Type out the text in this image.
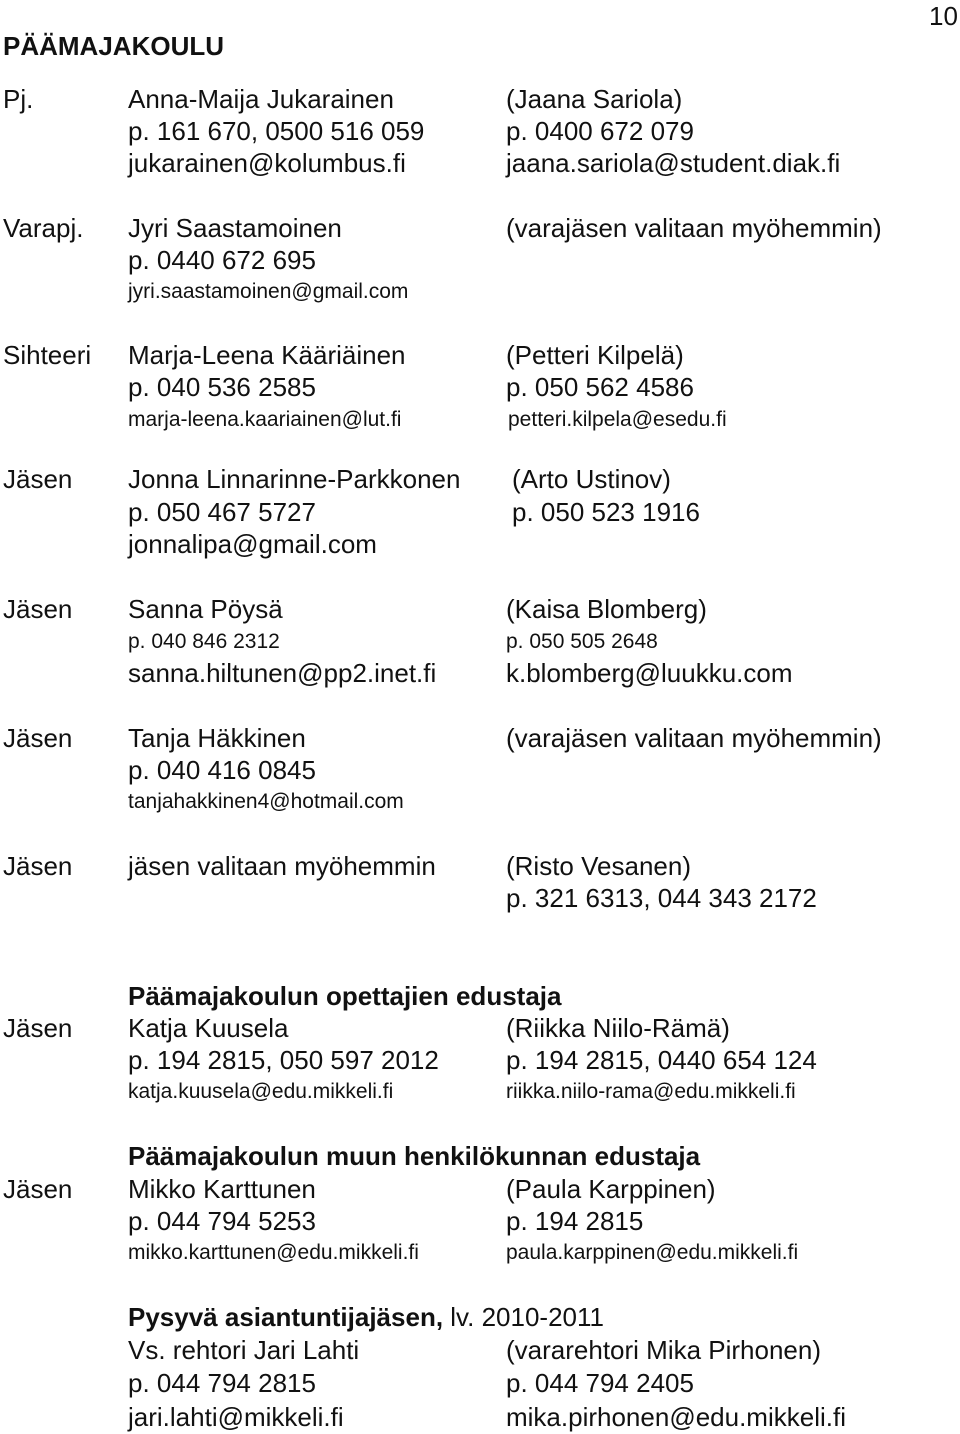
10
PÄÄMAJAKOULU
Pj.	Anna-Maija Jukarainen
p. 161 670, 0500 516 059
jukarainen@kolumbus.fi
(Jaana Sariola)
p. 0400 672 079
jaana.sariola@student.diak.fi
Varapj. Jyri Saastamoinen
p. 0440 672 695
jyri.saastamoinen@gmail.com
(varajäsen valitaan myöhemmin)
Sihteeri Marja-Leena Kääriäinen
p. 040 536 2585
marja-leena.kaariainen@lut.fi
(Petteri Kilpelä)
p. 050 562 4586
petteri.kilpela@esedu.fi
Jäsen Jonna Linnarinne-Parkkonen
p. 050 467 5727
jonnalipa@gmail.com
(Arto Ustinov)
p. 050 523 1916
Jäsen Sanna Pöysä
p. 040 846 2312
sanna.hiltunen@pp2.inet.fi
(Kaisa Blomberg)
p. 050 505 2648
k.blomberg@luukku.com
Jäsen Tanja Häkkinen
p. 040 416 0845
tanjahakkinen4@hotmail.com
(varajäsen valitaan myöhemmin)
Jäsen jäsen valitaan myöhemmin	(Risto Vesanen)
p. 321 6313, 044 343 2172
Päämajakoulun opettajien edustaja
Jäsen Katja Kuusela
p. 194 2815, 050 597 2012
katja.kuusela@edu.mikkeli.fi
(Riikka Niilo-Rämä)
p. 194 2815, 0440 654 124
riikka.niilo-rama@edu.mikkeli.fi
Päämajakoulun muun henkilökunnan edustaja
Jäsen Mikko Karttunen
p. 044 794 5253
mikko.karttunen@edu.mikkeli.fi
(Paula Karppinen)
p. 194 2815
paula.karppinen@edu.mikkeli.fi
Pysyvä asiantuntijajäsen, lv. 2010-2011
Vs. rehtori Jari Lahti
p. 044 794 2815
jari.lahti@mikkeli.fi
(vararehtori Mika Pirhonen)
p. 044 794 2405
mika.pirhonen@edu.mikkeli.fi
